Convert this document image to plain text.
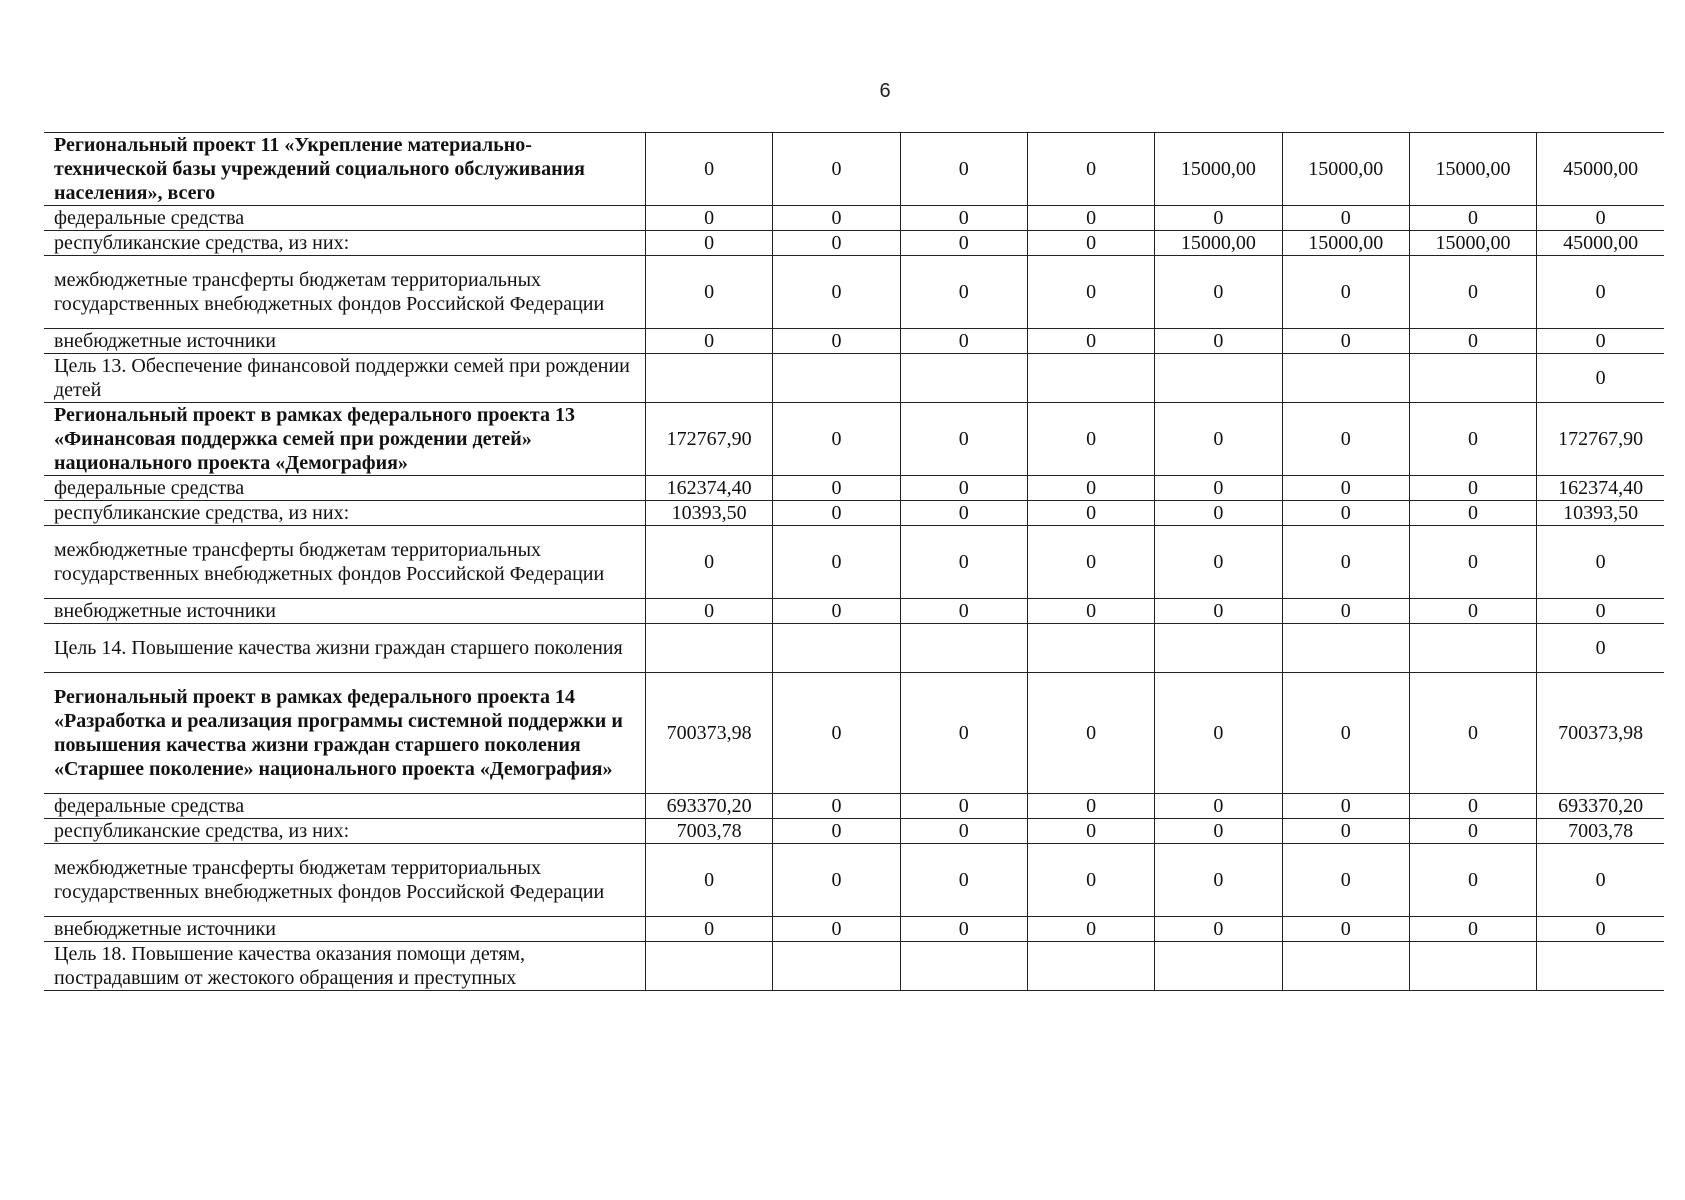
6
Региональный проект 11 «Укрепление материально-технической базы учреждений социального обслуживания населения», всего	0	0	0	0	15000,00	15000,00	15000,00	45000,00
федеральные средства	0	0	0	0	0	0	0	0
республиканские средства, из них:	0	0	0	0	15000,00	15000,00	15000,00	45000,00
межбюджетные трансферты бюджетам территориальных государственных внебюджетных фондов Российской Федерации	0	0	0	0	0	0	0	0
внебюджетные источники	0	0	0	0	0	0	0	0
Цель 13. Обеспечение финансовой поддержки семей при рождении детей								0
Региональный проект в рамках федерального проекта 13 «Финансовая поддержка семей при рождении детей» национального проекта «Демография»	172767,90	0	0	0	0	0	0	172767,90
федеральные средства	162374,40	0	0	0	0	0	0	162374,40
республиканские средства, из них:	10393,50	0	0	0	0	0	0	10393,50
межбюджетные трансферты бюджетам территориальных государственных внебюджетных фондов Российской Федерации	0	0	0	0	0	0	0	0
внебюджетные источники	0	0	0	0	0	0	0	0
Цель 14. Повышение качества жизни граждан старшего поколения								0
Региональный проект в рамках федерального проекта 14 «Разработка и реализация программы системной поддержки и повышения качества жизни граждан старшего поколения «Старшее поколение» национального проекта «Демография»	700373,98	0	0	0	0	0	0	700373,98
федеральные средства	693370,20	0	0	0	0	0	0	693370,20
республиканские средства, из них:	7003,78	0	0	0	0	0	0	7003,78
межбюджетные трансферты бюджетам территориальных государственных внебюджетных фондов Российской Федерации	0	0	0	0	0	0	0	0
внебюджетные источники	0	0	0	0	0	0	0	0
Цель 18. Повышение качества оказания помощи детям, пострадавшим от жестокого обращения и преступных								
